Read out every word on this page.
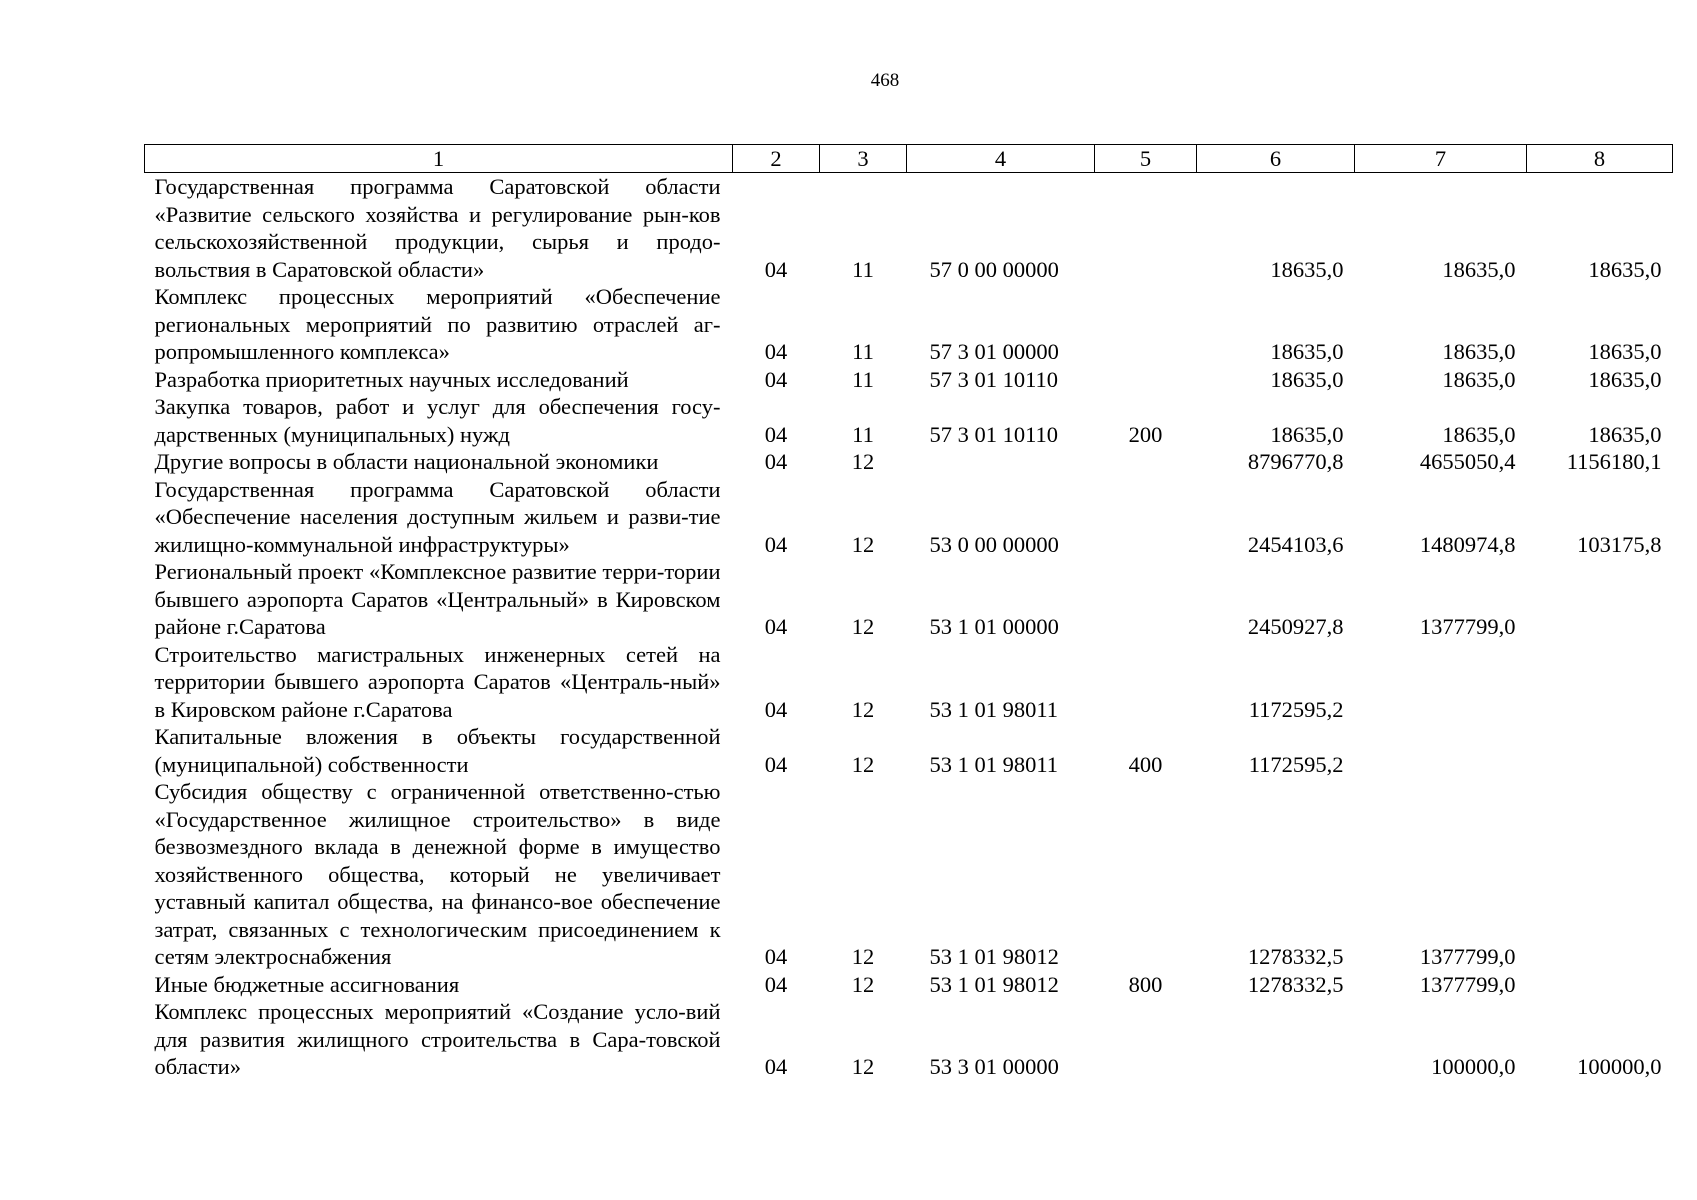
468
1	2	3	4	5	6	7	8
Государственная программа Саратовской области «Развитие сельского хозяйства и регулирование рын-ков сельскохозяйственной продукции, сырья и продо-вольствия в Саратовской области»	04	11	57 0 00 00000		18635,0	18635,0	18635,0
Комплекс процессных мероприятий «Обеспечение региональных мероприятий по развитию отраслей аг-ропромышленного комплекса»	04	11	57 3 01 00000		18635,0	18635,0	18635,0
Разработка приоритетных научных исследований	04	11	57 3 01 10110		18635,0	18635,0	18635,0
Закупка товаров, работ и услуг для обеспечения госу-дарственных (муниципальных) нужд	04	11	57 3 01 10110	200	18635,0	18635,0	18635,0
Другие вопросы в области национальной экономики	04	12			8796770,8	4655050,4	1156180,1
Государственная программа Саратовской области «Обеспечение населения доступным жильем и разви-тие жилищно-коммунальной инфраструктуры»	04	12	53 0 00 00000		2454103,6	1480974,8	103175,8
Региональный проект «Комплексное развитие терри-тории бывшего аэропорта Саратов «Центральный» в Кировском районе г.Саратова	04	12	53 1 01 00000		2450927,8	1377799,0	
Строительство магистральных инженерных сетей на территории бывшего аэропорта Саратов «Централь-ный» в Кировском районе г.Саратова	04	12	53 1 01 98011		1172595,2		
Капитальные вложения в объекты государственной (муниципальной) собственности	04	12	53 1 01 98011	400	1172595,2		
Субсидия обществу с ограниченной ответственно-стью «Государственное жилищное строительство» в виде безвозмездного вклада в денежной форме в имущество хозяйственного общества, который не увеличивает уставный капитал общества, на финансо-вое обеспечение затрат, связанных с технологическим присоединением к сетям электроснабжения	04	12	53 1 01 98012		1278332,5	1377799,0	
Иные бюджетные ассигнования	04	12	53 1 01 98012	800	1278332,5	1377799,0	
Комплекс процессных мероприятий «Создание усло-вий для развития жилищного строительства в Сара-товской области»	04	12	53 3 01 00000			100000,0	100000,0
